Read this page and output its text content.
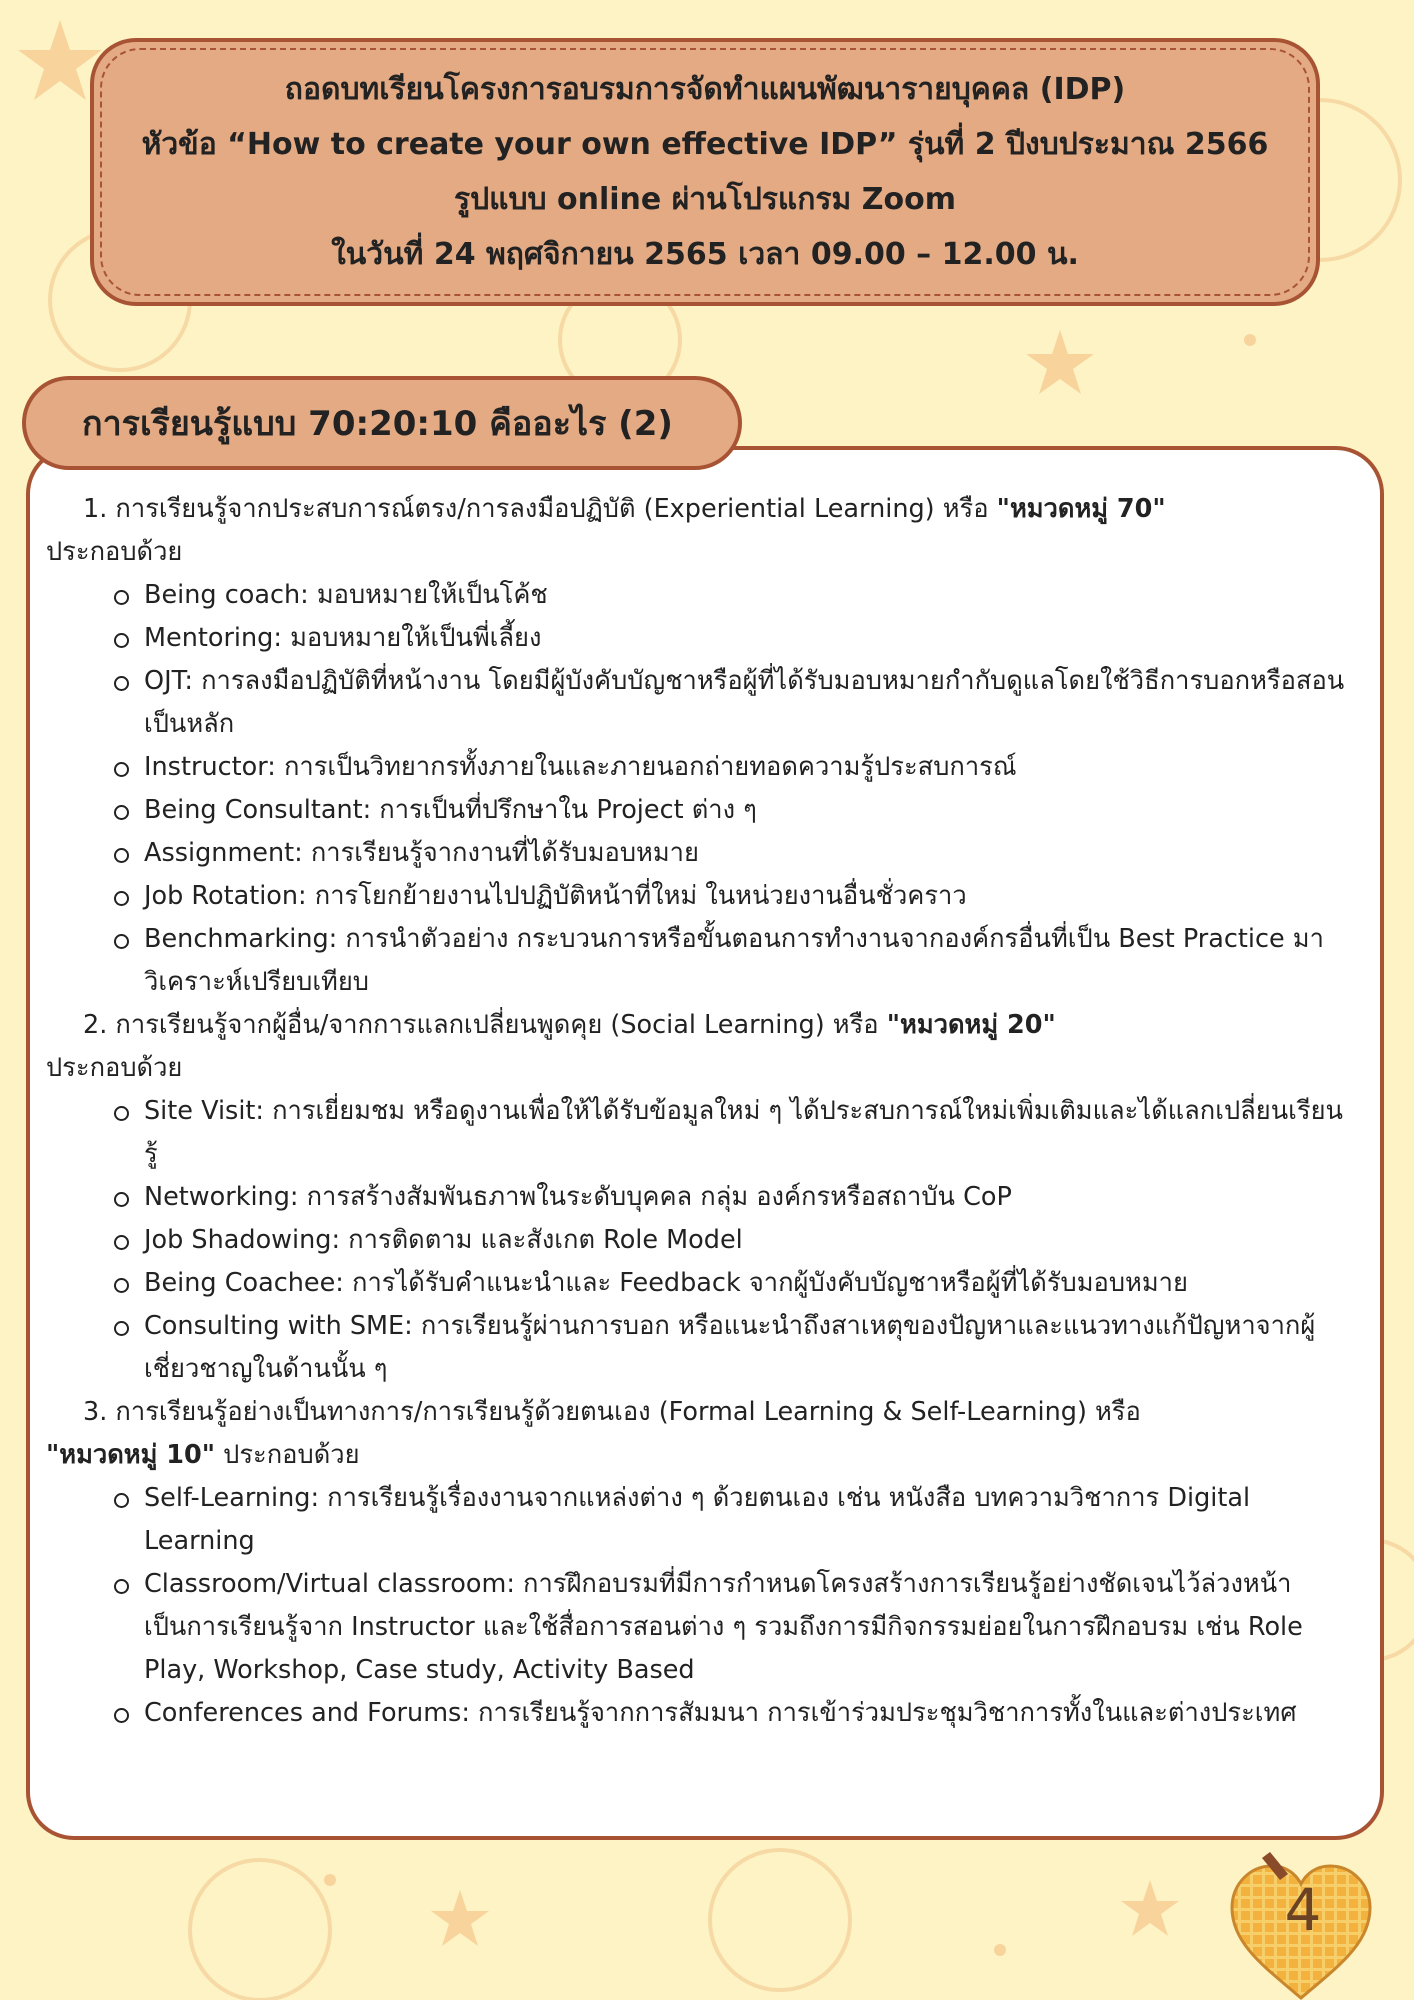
ถอดบทเรียนโครงการอบรมการจัดทำแผนพัฒนารายบุคคล (IDP)
หัวข้อ “How to create your own effective IDP” รุ่นที่ 2 ปีงบประมาณ 2566
รูปแบบ online ผ่านโปรแกรม Zoom
ในวันที่ 24 พฤศจิกายน 2565 เวลา 09.00 – 12.00 น.
การเรียนรู้แบบ 70:20:10 คืออะไร (2)

1. การเรียนรู้จากประสบการณ์ตรง/การลงมือปฏิบัติ (Experiential Learning) หรือ "หมวดหมู่ 70"

ประกอบด้วย

Being coach: มอบหมายให้เป็นโค้ช
Mentoring: มอบหมายให้เป็นพี่เลี้ยง
OJT: การลงมือปฏิบัติที่หน้างาน โดยมีผู้บังคับบัญชาหรือผู้ที่ได้รับมอบหมายกำกับดูแลโดยใช้วิธีการบอกหรือสอนเป็นหลัก
Instructor: การเป็นวิทยากรทั้งภายในและภายนอกถ่ายทอดความรู้ประสบการณ์
Being Consultant: การเป็นที่ปรึกษาใน Project ต่าง ๆ
Assignment: การเรียนรู้จากงานที่ได้รับมอบหมาย
Job Rotation: การโยกย้ายงานไปปฏิบัติหน้าที่ใหม่ ในหน่วยงานอื่นชั่วคราว
Benchmarking: การนำตัวอย่าง กระบวนการหรือขั้นตอนการทำงานจากองค์กรอื่นที่เป็น Best Practice มาวิเคราะห์เปรียบเทียบ

2. การเรียนรู้จากผู้อื่น/จากการแลกเปลี่ยนพูดคุย (Social Learning) หรือ "หมวดหมู่ 20"

ประกอบด้วย

Site Visit: การเยี่ยมชม หรือดูงานเพื่อให้ได้รับข้อมูลใหม่ ๆ ได้ประสบการณ์ใหม่เพิ่มเติมและได้แลกเปลี่ยนเรียนรู้
Networking: การสร้างสัมพันธภาพในระดับบุคคล กลุ่ม องค์กรหรือสถาบัน CoP
Job Shadowing: การติดตาม และสังเกต Role Model
Being Coachee: การได้รับคำแนะนำและ Feedback จากผู้บังคับบัญชาหรือผู้ที่ได้รับมอบหมาย
Consulting with SME: การเรียนรู้ผ่านการบอก หรือแนะนำถึงสาเหตุของปัญหาและแนวทางแก้ปัญหาจากผู้เชี่ยวชาญในด้านนั้น ๆ

3. การเรียนรู้อย่างเป็นทางการ/การเรียนรู้ด้วยตนเอง (Formal Learning & Self-Learning) หรือ

"หมวดหมู่ 10" ประกอบด้วย

Self-Learning: การเรียนรู้เรื่องงานจากแหล่งต่าง ๆ ด้วยตนเอง เช่น หนังสือ บทความวิชาการ Digital Learning
Classroom/Virtual classroom: การฝึกอบรมที่มีการกำหนดโครงสร้างการเรียนรู้อย่างชัดเจนไว้ล่วงหน้า เป็นการเรียนรู้จาก Instructor และใช้สื่อการสอนต่าง ๆ รวมถึงการมีกิจกรรมย่อยในการฝึกอบรม เช่น Role Play, Workshop, Case study, Activity Based
Conferences and Forums: การเรียนรู้จากการสัมมนา การเข้าร่วมประชุมวิชาการทั้งในและต่างประเทศ
4
